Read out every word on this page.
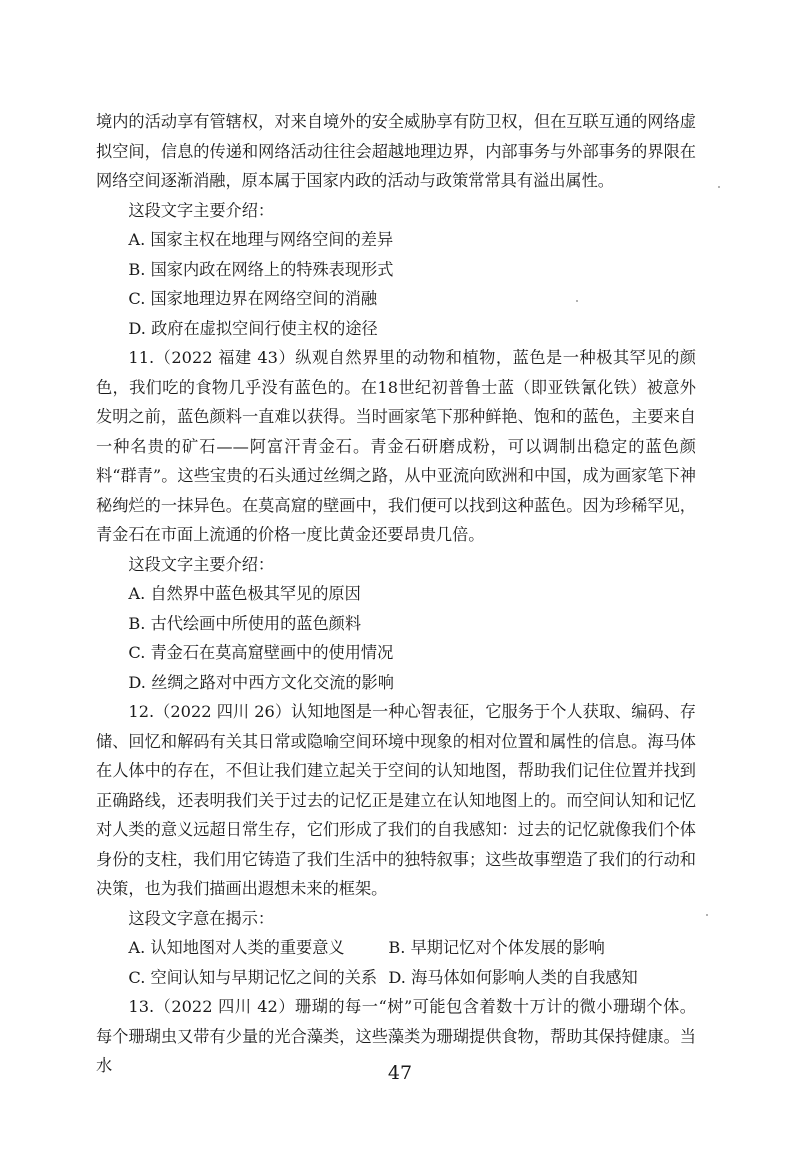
境内的活动享有管辖权，对来自境外的安全威胁享有防卫权，但在互联互通的网络虚拟空间，信息的传递和网络活动往往会超越地理边界，内部事务与外部事务的界限在网络空间逐渐消融，原本属于国家内政的活动与政策常常具有溢出属性。

这段文字主要介绍：

A. 国家主权在地理与网络空间的差异

B. 国家内政在网络上的特殊表现形式

C. 国家地理边界在网络空间的消融

D. 政府在虚拟空间行使主权的途径

11.（2022 福建 43）纵观自然界里的动物和植物，蓝色是一种极其罕见的颜色，我们吃的食物几乎没有蓝色的。在18世纪初普鲁士蓝（即亚铁氰化铁）被意外发明之前，蓝色颜料一直难以获得。当时画家笔下那种鲜艳、饱和的蓝色，主要来自一种名贵的矿石——阿富汗青金石。青金石研磨成粉，可以调制出稳定的蓝色颜料“群青”。这些宝贵的石头通过丝绸之路，从中亚流向欧洲和中国，成为画家笔下神秘绚烂的一抹异色。在莫高窟的壁画中，我们便可以找到这种蓝色。因为珍稀罕见，青金石在市面上流通的价格一度比黄金还要昂贵几倍。

这段文字主要介绍：

A. 自然界中蓝色极其罕见的原因

B. 古代绘画中所使用的蓝色颜料

C. 青金石在莫高窟壁画中的使用情况

D. 丝绸之路对中西方文化交流的影响

12.（2022 四川 26）认知地图是一种心智表征，它服务于个人获取、编码、存储、回忆和解码有关其日常或隐喻空间环境中现象的相对位置和属性的信息。海马体在人体中的存在，不但让我们建立起关于空间的认知地图，帮助我们记住位置并找到正确路线，还表明我们关于过去的记忆正是建立在认知地图上的。而空间认知和记忆对人类的意义远超日常生存，它们形成了我们的自我感知：过去的记忆就像我们个体身份的支柱，我们用它铸造了我们生活中的独特叙事；这些故事塑造了我们的行动和决策，也为我们描画出遐想未来的框架。

这段文字意在揭示：

A. 认知地图对人类的重要意义	B. 早期记忆对个体发展的影响
C. 空间认知与早期记忆之间的关系 D. 海马体如何影响人类的自我感知

13.（2022 四川 42）珊瑚的每一“树”可能包含着数十万计的微小珊瑚个体。每个珊瑚虫又带有少量的光合藻类，这些藻类为珊瑚提供食物，帮助其保持健康。当水	47
